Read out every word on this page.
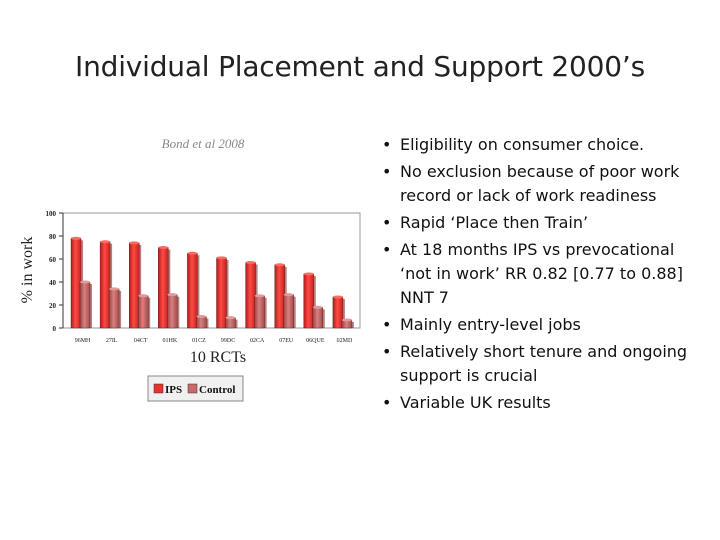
Individual Placement and Support 2000’s
Bond et al 2008
% in work
10 RCTs
0
20
40
60
80
100
96MH	27IL	04CT 01HK 01CZ	99DC 02CA 07EU 06QUE 02MD
IPS Control
• Eligibility on consumer choice.
• No exclusion because of poor work record or lack of work readiness
• Rapid ‘Place then Train’
• At 18 months IPS vs prevocational ‘not in work’ RR 0.82 [0.77 to 0.88] NNT 7
• Mainly entry-level jobs
• Relatively short tenure and ongoing support is crucial
• Variable UK results
